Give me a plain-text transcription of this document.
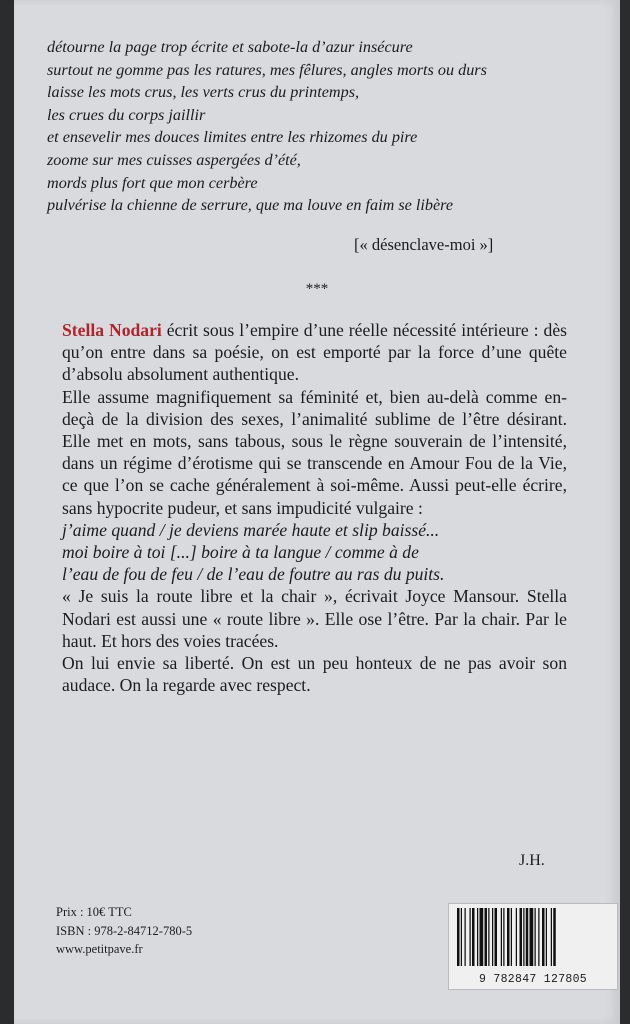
détourne la page trop écrite et sabote-la d’azur insécure
surtout ne gomme pas les ratures, mes fêlures, angles morts ou durs
laisse les mots crus, les verts crus du printemps,
les crues du corps jaillir
et ensevelir mes douces limites entre les rhizomes du pire
zoome sur mes cuisses aspergées d’été,
mords plus fort que mon cerbère
pulvérise la chienne de serrure, que ma louve en faim se libère
[« désenclave-moi »]
***

Stella Nodari écrit sous l’empire d’une réelle nécessité intérieure : dès qu’on entre dans sa poésie, on est emporté par la force d’une quête d’absolu absolument authentique.

Elle assume magnifiquement sa féminité et, bien au-delà comme en-deçà de la division des sexes, l’animalité sublime de l’être désirant. Elle met en mots, sans tabous, sous le règne souverain de l’intensité, dans un régime d’érotisme qui se transcende en Amour Fou de la Vie, ce que l’on se cache généralement à soi-même. Aussi peut-elle écrire, sans hypocrite pudeur, et sans impudicité vulgaire :

j’aime quand / je deviens marée haute et slip baissé...
moi boire à toi [...] boire à ta langue / comme à de
l’eau de fou de feu / de l’eau de foutre au ras du puits.

« Je suis la route libre et la chair », écrivait Joyce Mansour. Stella Nodari est aussi une « route libre ». Elle ose l’être. Par la chair. Par le haut. Et hors des voies tracées.

On lui envie sa liberté. On est un peu honteux de ne pas avoir son audace. On la regarde avec respect.

J.H.
Prix : 10€ TTC
ISBN : 978-2-84712-780-5
www.petitpave.fr
9 782847 127805
